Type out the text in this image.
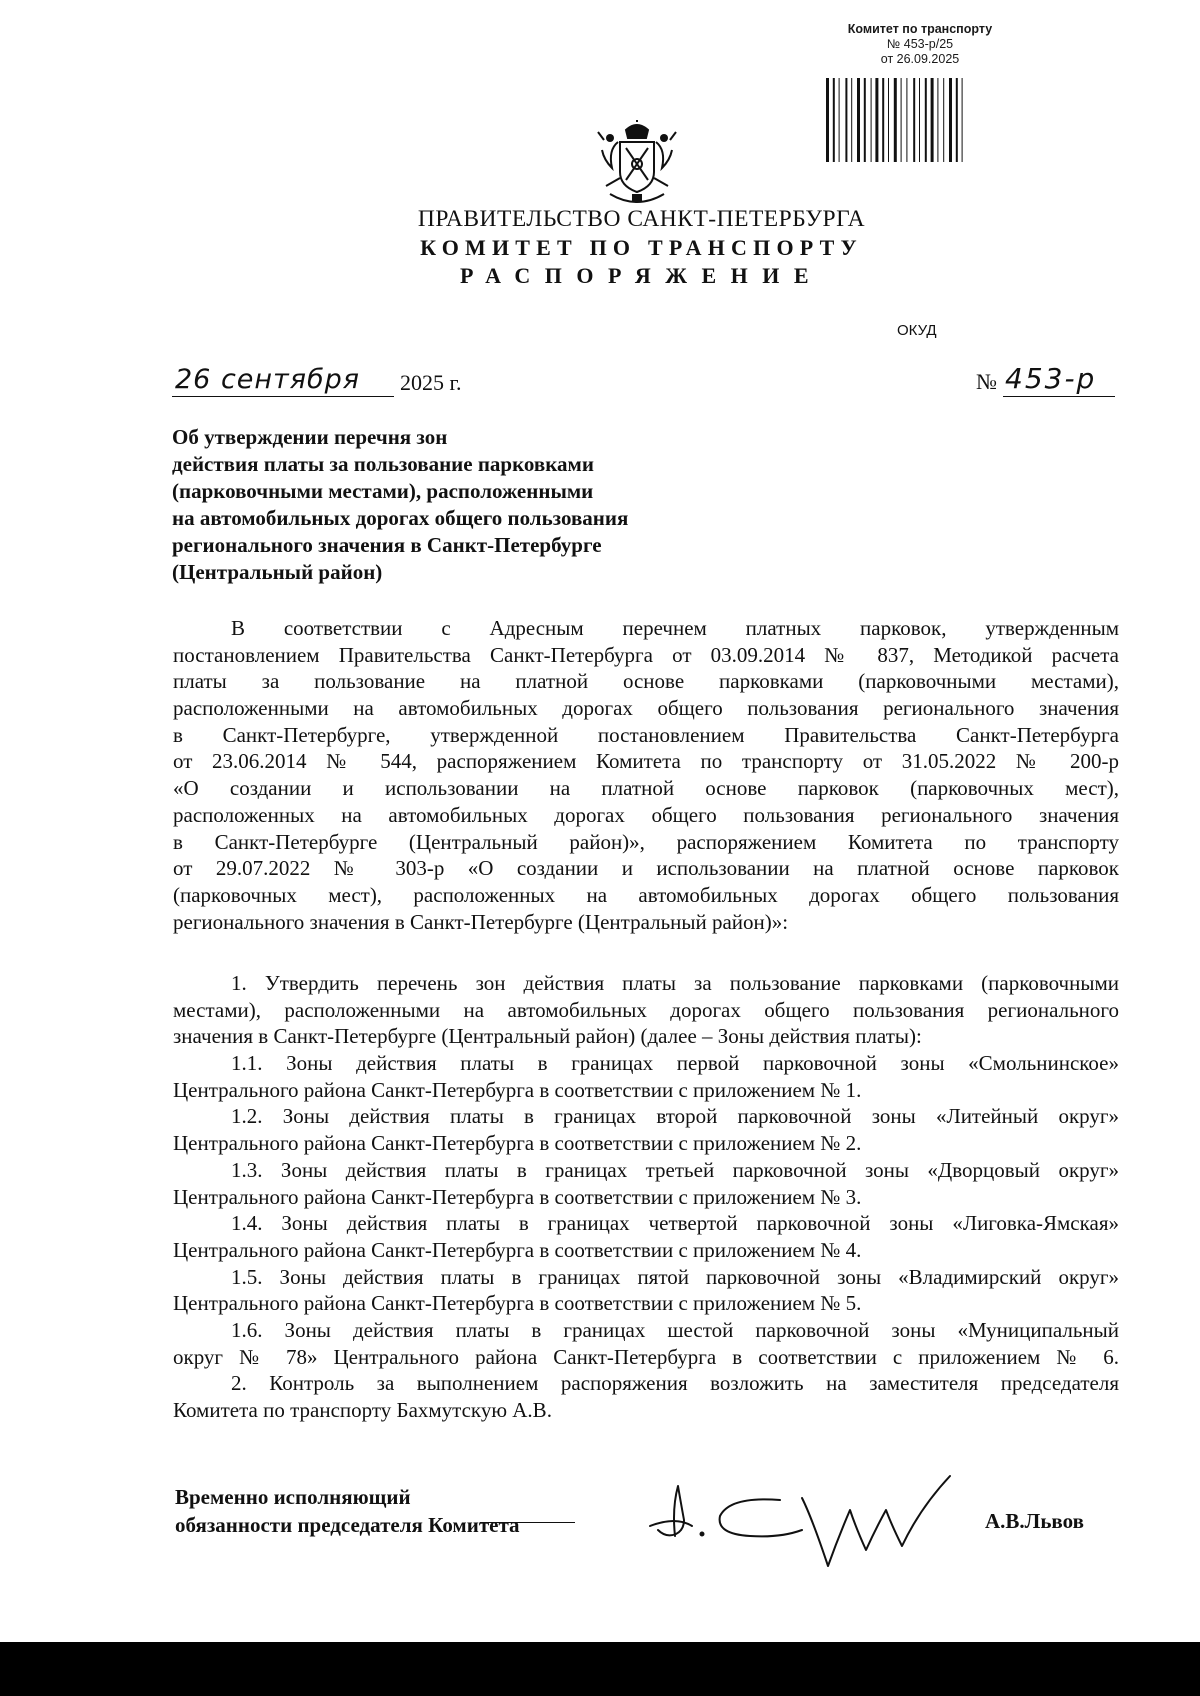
Комитет по транспорту
№ 453-р/25
от 26.09.2025
ПРАВИТЕЛЬСТВО САНКТ-ПЕТЕРБУРГА
КОМИТЕТ ПО ТРАНСПОРТУ
РАСПОРЯЖЕНИЕ
ОКУД
26 сентября 2025 г.	№ 453-р
Об утверждении перечня зон
действия платы за пользование парковками
(парковочными местами), расположенными
на автомобильных дорогах общего пользования
регионального значения в Санкт-Петербурге
(Центральный район)
В соответствии с Адресным перечнем платных парковок, утвержденным
постановлением Правительства Санкт-Петербурга от 03.09.2014 № 837, Методикой расчета
платы за пользование на платной основе парковками (парковочными местами),
расположенными на автомобильных дорогах общего пользования регионального значения
в Санкт-Петербурге, утвержденной постановлением Правительства Санкт-Петербурга
от 23.06.2014 № 544, распоряжением Комитета по транспорту от 31.05.2022 № 200-р
«О создании и использовании на платной основе парковок (парковочных мест),
расположенных на автомобильных дорогах общего пользования регионального значения
в Санкт-Петербурге (Центральный район)», распоряжением Комитета по транспорту
от 29.07.2022 № 303-р «О создании и использовании на платной основе парковок
(парковочных мест), расположенных на автомобильных дорогах общего пользования
регионального значения в Санкт-Петербурге (Центральный район)»:
1. Утвердить перечень зон действия платы за пользование парковками (парковочными
местами), расположенными на автомобильных дорогах общего пользования регионального
значения в Санкт-Петербурге (Центральный район) (далее – Зоны действия платы):
1.1. Зоны действия платы в границах первой парковочной зоны «Смольнинское»
Центрального района Санкт-Петербурга в соответствии с приложением № 1.
1.2. Зоны действия платы в границах второй парковочной зоны «Литейный округ»
Центрального района Санкт-Петербурга в соответствии с приложением № 2.
1.3. Зоны действия платы в границах третьей парковочной зоны «Дворцовый округ»
Центрального района Санкт-Петербурга в соответствии с приложением № 3.
1.4. Зоны действия платы в границах четвертой парковочной зоны «Лиговка-Ямская»
Центрального района Санкт-Петербурга в соответствии с приложением № 4.
1.5. Зоны действия платы в границах пятой парковочной зоны «Владимирский округ»
Центрального района Санкт-Петербурга в соответствии с приложением № 5.
1.6. Зоны действия платы в границах шестой парковочной зоны «Муниципальный
округ № 78» Центрального района Санкт-Петербурга в соответствии с приложением № 6.
2. Контроль за выполнением распоряжения возложить на заместителя председателя
Комитета по транспорту Бахмутскую А.В.
Временно исполняющий
обязанности председателя Комитета	А.В.Львов
